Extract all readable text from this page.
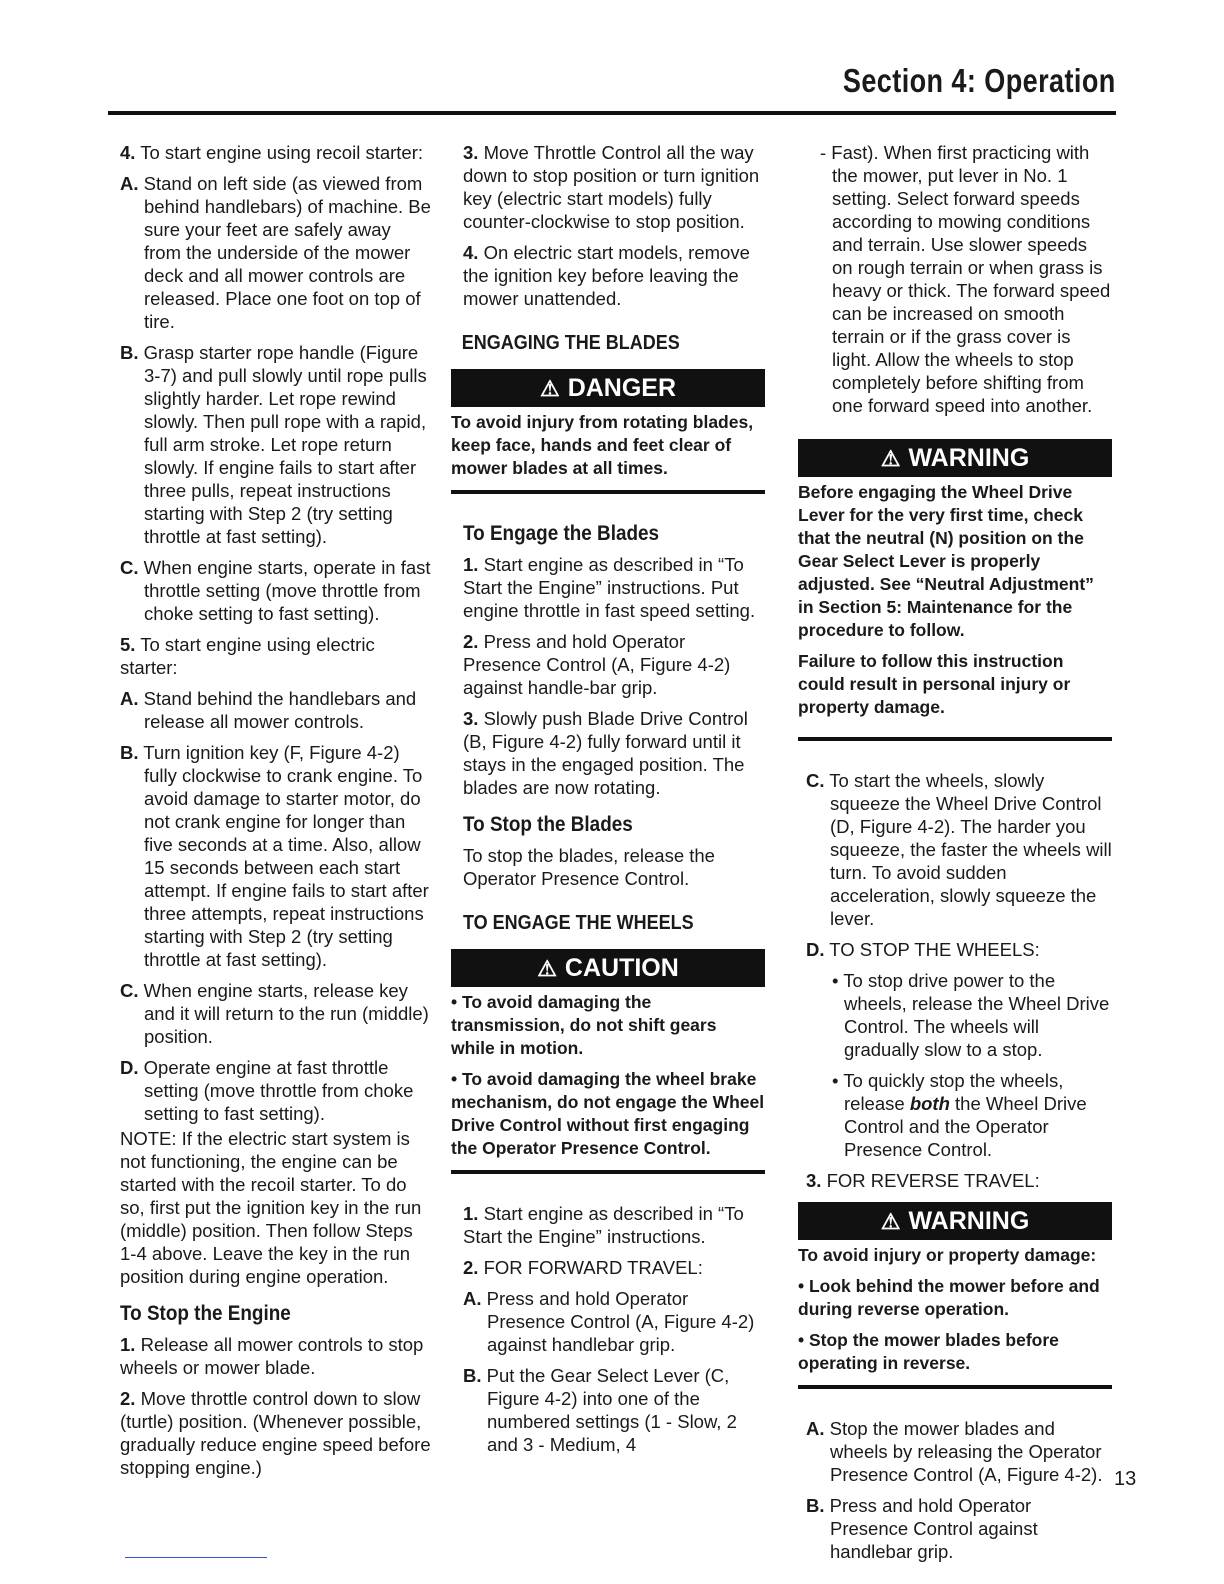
Section 4: Operation

4. To start engine using recoil starter:

A. Stand on left side (as viewed from behind handlebars) of machine. Be sure your feet are safely away from the underside of the mower deck and all mower controls are released. Place one foot on top of tire.

B. Grasp starter rope handle (Figure 3-7) and pull slowly until rope pulls slightly harder. Let rope rewind slowly. Then pull rope with a rapid, full arm stroke. Let rope return slowly. If engine fails to start after three pulls, repeat instructions starting with Step 2 (try setting throttle at fast setting).

C. When engine starts, operate in fast throttle setting (move throttle from choke setting to fast setting).

5. To start engine using electric starter:

A. Stand behind the handlebars and release all mower controls.

B. Turn ignition key (F, Figure 4-2) fully clockwise to crank engine. To avoid damage to starter motor, do not crank engine for longer than five seconds at a time. Also, allow 15 seconds between each start attempt. If engine fails to start after three attempts, repeat instructions starting with Step 2 (try setting throttle at fast setting).

C. When engine starts, release key and it will return to the run (middle) position.

D. Operate engine at fast throttle setting (move throttle from choke setting to fast setting).

NOTE: If the electric start system is not functioning, the engine can be started with the recoil starter. To do so, first put the ignition key in the run (middle) position. Then follow Steps 1-4 above. Leave the key in the run position during engine operation.

To Stop the Engine

1. Release all mower controls to stop wheels or mower blade.

2. Move throttle control down to slow (turtle) position. (Whenever possible, gradually reduce engine speed before stopping engine.)

3. Move Throttle Control all the way down to stop position or turn ignition key (electric start models) fully counter-clockwise to stop position.

4. On electric start models, remove the ignition key before leaving the mower unattended.

ENGAGING THE BLADES
⚠ DANGER

To avoid injury from rotating blades, keep face, hands and feet clear of mower blades at all times.

To Engage the Blades

1. Start engine as described in “To Start the Engine” instructions. Put engine throttle in fast speed setting.

2. Press and hold Operator Presence Control (A, Figure 4-2) against handle-bar grip.

3. Slowly push Blade Drive Control (B, Figure 4-2) fully forward until it stays in the engaged position. The blades are now rotating.

To Stop the Blades

To stop the blades, release the Operator Presence Control.

TO ENGAGE THE WHEELS
⚠ CAUTION

• To avoid damaging the transmission, do not shift gears while in motion.

• To avoid damaging the wheel brake mechanism, do not engage the Wheel Drive Control without first engaging the Operator Presence Control.

1. Start engine as described in “To Start the Engine” instructions.

2. FOR FORWARD TRAVEL:

A. Press and hold Operator Presence Control (A, Figure 4-2) against handlebar grip.

B. Put the Gear Select Lever (C, Figure 4-2) into one of the numbered settings (1 - Slow, 2 and 3 - Medium, 4

- Fast). When first practicing with the mower, put lever in No. 1 setting. Select forward speeds according to mowing conditions and terrain. Use slower speeds on rough terrain or when grass is heavy or thick. The forward speed can be increased on smooth terrain or if the grass cover is light. Allow the wheels to stop completely before shifting from one forward speed into another.

⚠ WARNING

Before engaging the Wheel Drive Lever for the very first time, check that the neutral (N) position on the Gear Select Lever is properly adjusted. See “Neutral Adjustment” in Section 5: Maintenance for the procedure to follow.

Failure to follow this instruction could result in personal injury or property damage.

C. To start the wheels, slowly squeeze the Wheel Drive Control (D, Figure 4-2). The harder you squeeze, the faster the wheels will turn. To avoid sudden acceleration, slowly squeeze the lever.

D. TO STOP THE WHEELS:

• To stop drive power to the wheels, release the Wheel Drive Control. The wheels will gradually slow to a stop.

• To quickly stop the wheels, release both the Wheel Drive Control and the Operator Presence Control.

3. FOR REVERSE TRAVEL:

⚠ WARNING

To avoid injury or property damage:

• Look behind the mower before and during reverse operation.

• Stop the mower blades before operating in reverse.

A. Stop the mower blades and wheels by releasing the Operator Presence Control (A, Figure 4-2).

B. Press and hold Operator Presence Control against handlebar grip.

13
